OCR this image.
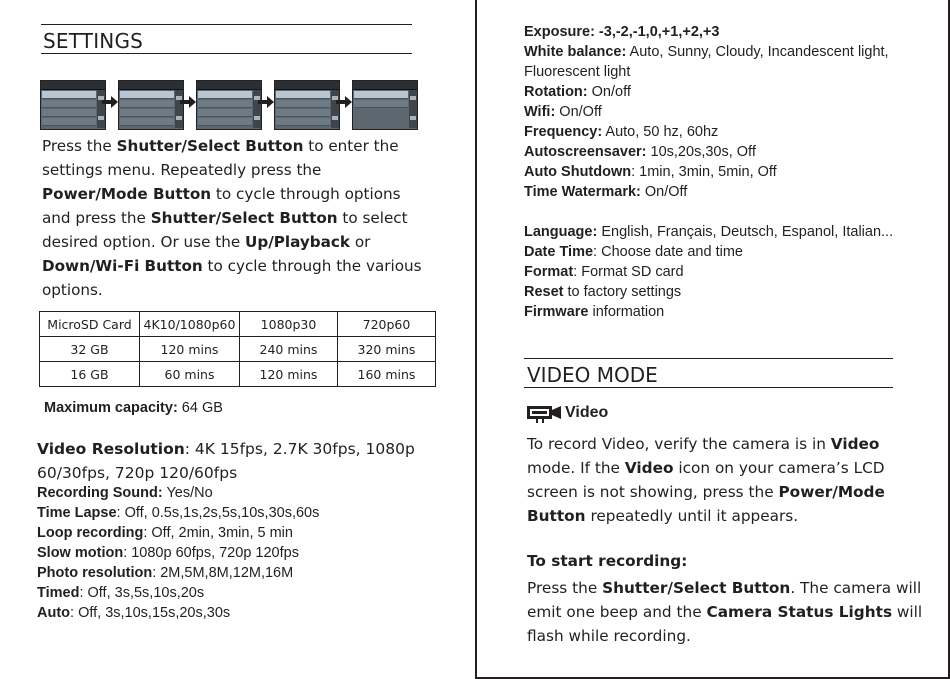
SETTINGS
Press the Shutter/Select Button to enter the settings menu. Repeatedly press the Power/Mode Button to cycle through options and press the Shutter/Select Button to select desired option. Or use the Up/Playback or Down/Wi-Fi Button to cycle through the various options.
MicroSD Card	4K10/1080p60	1080p30	720p60
32 GB	120 mins	240 mins	320 mins
16 GB	60 mins	120 mins	160 mins
Maximum capacity: 64 GB
Video Resolution: 4K 15fps, 2.7K 30fps, 1080p 60/30fps, 720p 120/60fps
Recording Sound: Yes/No
Time Lapse: Off, 0.5s,1s,2s,5s,10s,30s,60s
Loop recording: Off, 2min, 3min, 5 min
Slow motion: 1080p 60fps, 720p 120fps
Photo resolution: 2M,5M,8M,12M,16M
Timed: Off, 3s,5s,10s,20s
Auto: Off, 3s,10s,15s,20s,30s
Exposure: -3,-2,-1,0,+1,+2,+3
White balance: Auto, Sunny, Cloudy, Incandescent light, Fluorescent light
Rotation: On/off
Wifi: On/Off
Frequency: Auto, 50 hz, 60hz
Autoscreensaver: 10s,20s,30s, Off
Auto Shutdown: 1min, 3min, 5min, Off
Time Watermark: On/Off
Language: English, Français, Deutsch, Espanol, Italian...
Date Time: Choose date and time
Format: Format SD card
Reset to factory settings
Firmware information
VIDEO MODE
Video
To record Video, verify the camera is in Video mode. If the Video icon on your camera’s LCD screen is not showing, press the Power/Mode Button repeatedly until it appears.
To start recording:
Press the Shutter/Select Button. The camera will emit one beep and the Camera Status Lights will flash while recording.
